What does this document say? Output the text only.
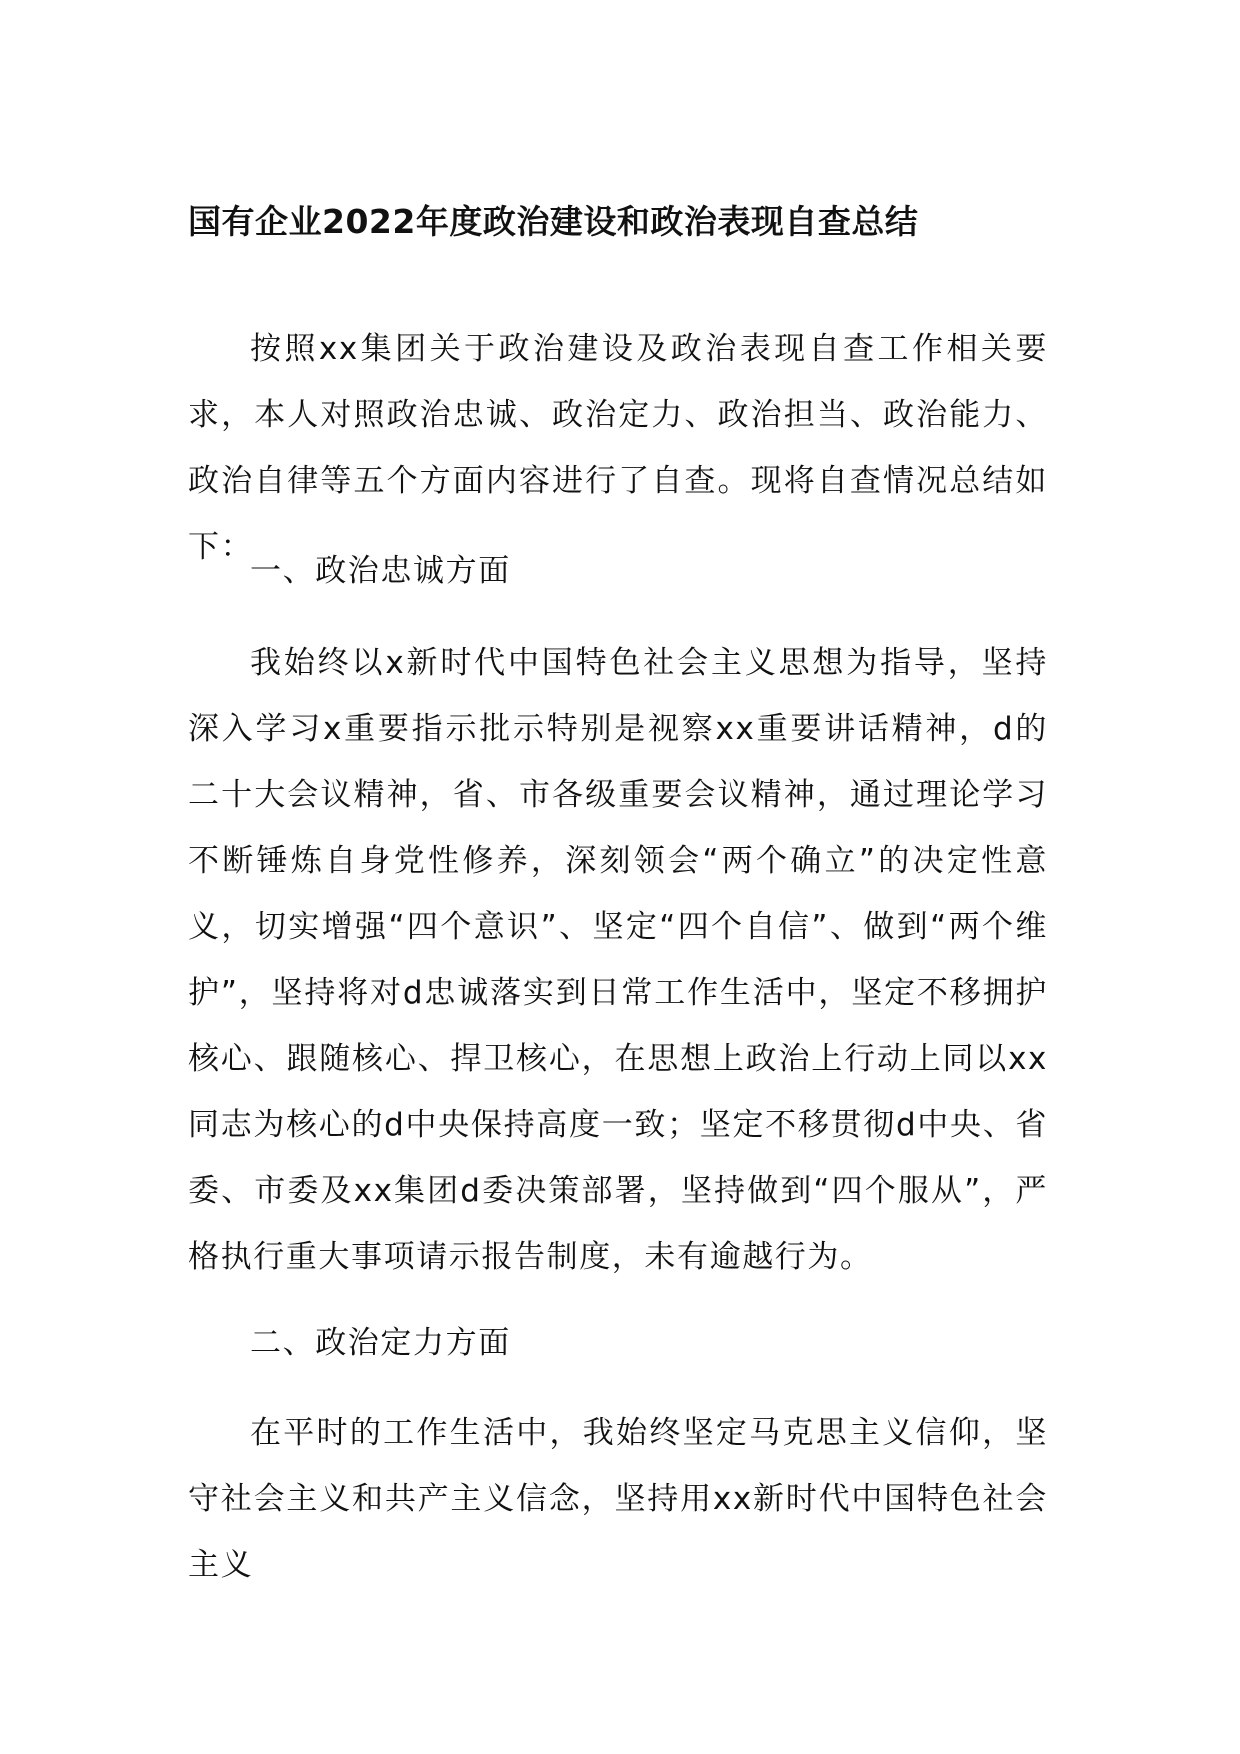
国有企业2022年度政治建设和政治表现自查总结

按照xx集团关于政治建设及政治表现自查工作相关要求，本人对照政治忠诚、政治定力、政治担当、政治能力、政治自律等五个方面内容进行了自查。现将自查情况总结如下：

一、政治忠诚方面

我始终以x新时代中国特色社会主义思想为指导，坚持深入学习x重要指示批示特别是视察xx重要讲话精神，d的二十大会议精神，省、市各级重要会议精神，通过理论学习不断锤炼自身党性修养，深刻领会“两个确立”的决定性意义，切实增强“四个意识”、坚定“四个自信”、做到“两个维护”，坚持将对d忠诚落实到日常工作生活中，坚定不移拥护核心、跟随核心、捍卫核心，在思想上政治上行动上同以xx同志为核心的d中央保持高度一致；坚定不移贯彻d中央、省委、市委及xx集团d委决策部署，坚持做到“四个服从”，严格执行重大事项请示报告制度，未有逾越行为。

二、政治定力方面

在平时的工作生活中，我始终坚定马克思主义信仰，坚守社会主义和共产主义信念，坚持用xx新时代中国特色社会主义
